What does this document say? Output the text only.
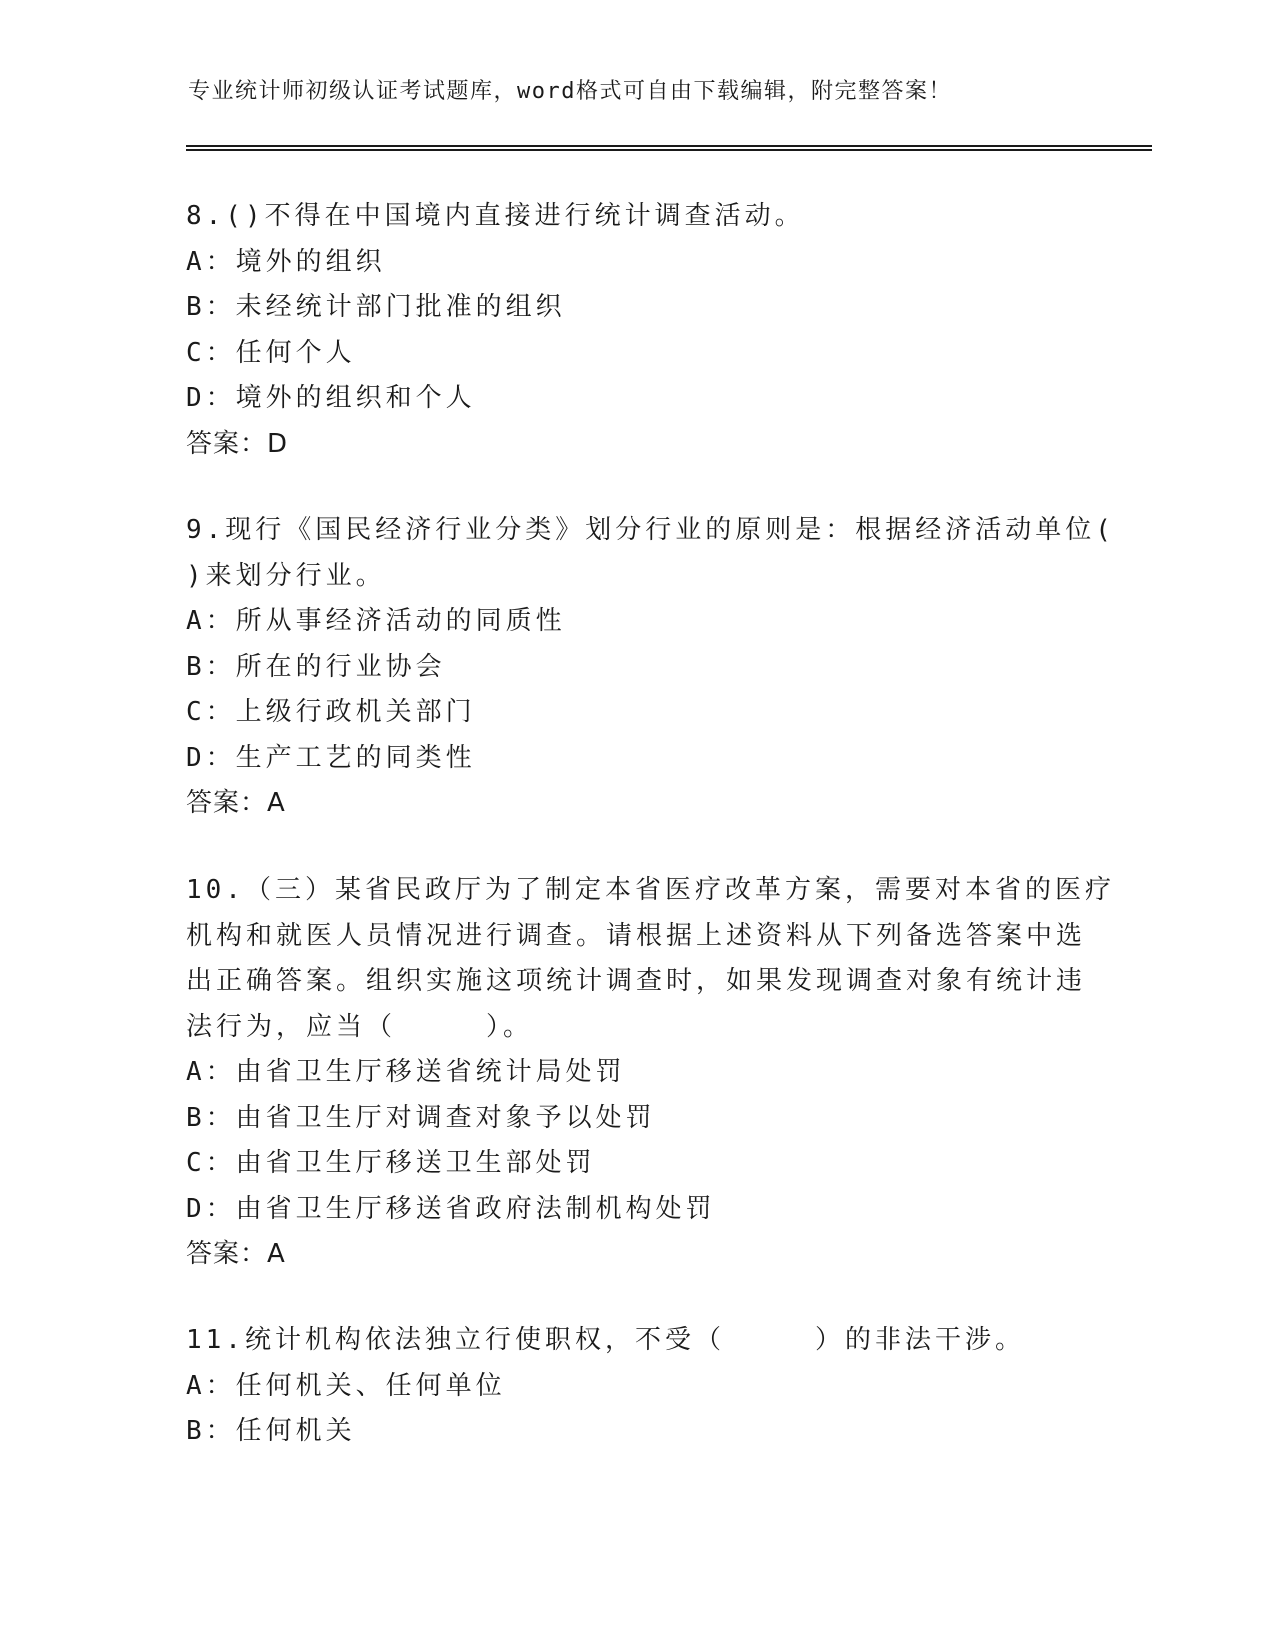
专业统计师初级认证考试题库，word格式可自由下载编辑，附完整答案！
8.()不得在中国境内直接进行统计调查活动。
A：境外的组织
B：未经统计部门批准的组织
C：任何个人
D：境外的组织和个人
答案：D
9.现行《国民经济行业分类》划分行业的原则是：根据经济活动单位(
)来划分行业。
A：所从事经济活动的同质性
B：所在的行业协会
C：上级行政机关部门
D：生产工艺的同类性
答案：A
10.（三）某省民政厅为了制定本省医疗改革方案，需要对本省的医疗
机构和就医人员情况进行调查。请根据上述资料从下列备选答案中选
出正确答案。组织实施这项统计调查时，如果发现调查对象有统计违
法行为，应当（　　　）。
A：由省卫生厅移送省统计局处罚
B：由省卫生厅对调查对象予以处罚
C：由省卫生厅移送卫生部处罚
D：由省卫生厅移送省政府法制机构处罚
答案：A
11.统计机构依法独立行使职权，不受（　　　）的非法干涉。
A：任何机关、任何单位
B：任何机关
